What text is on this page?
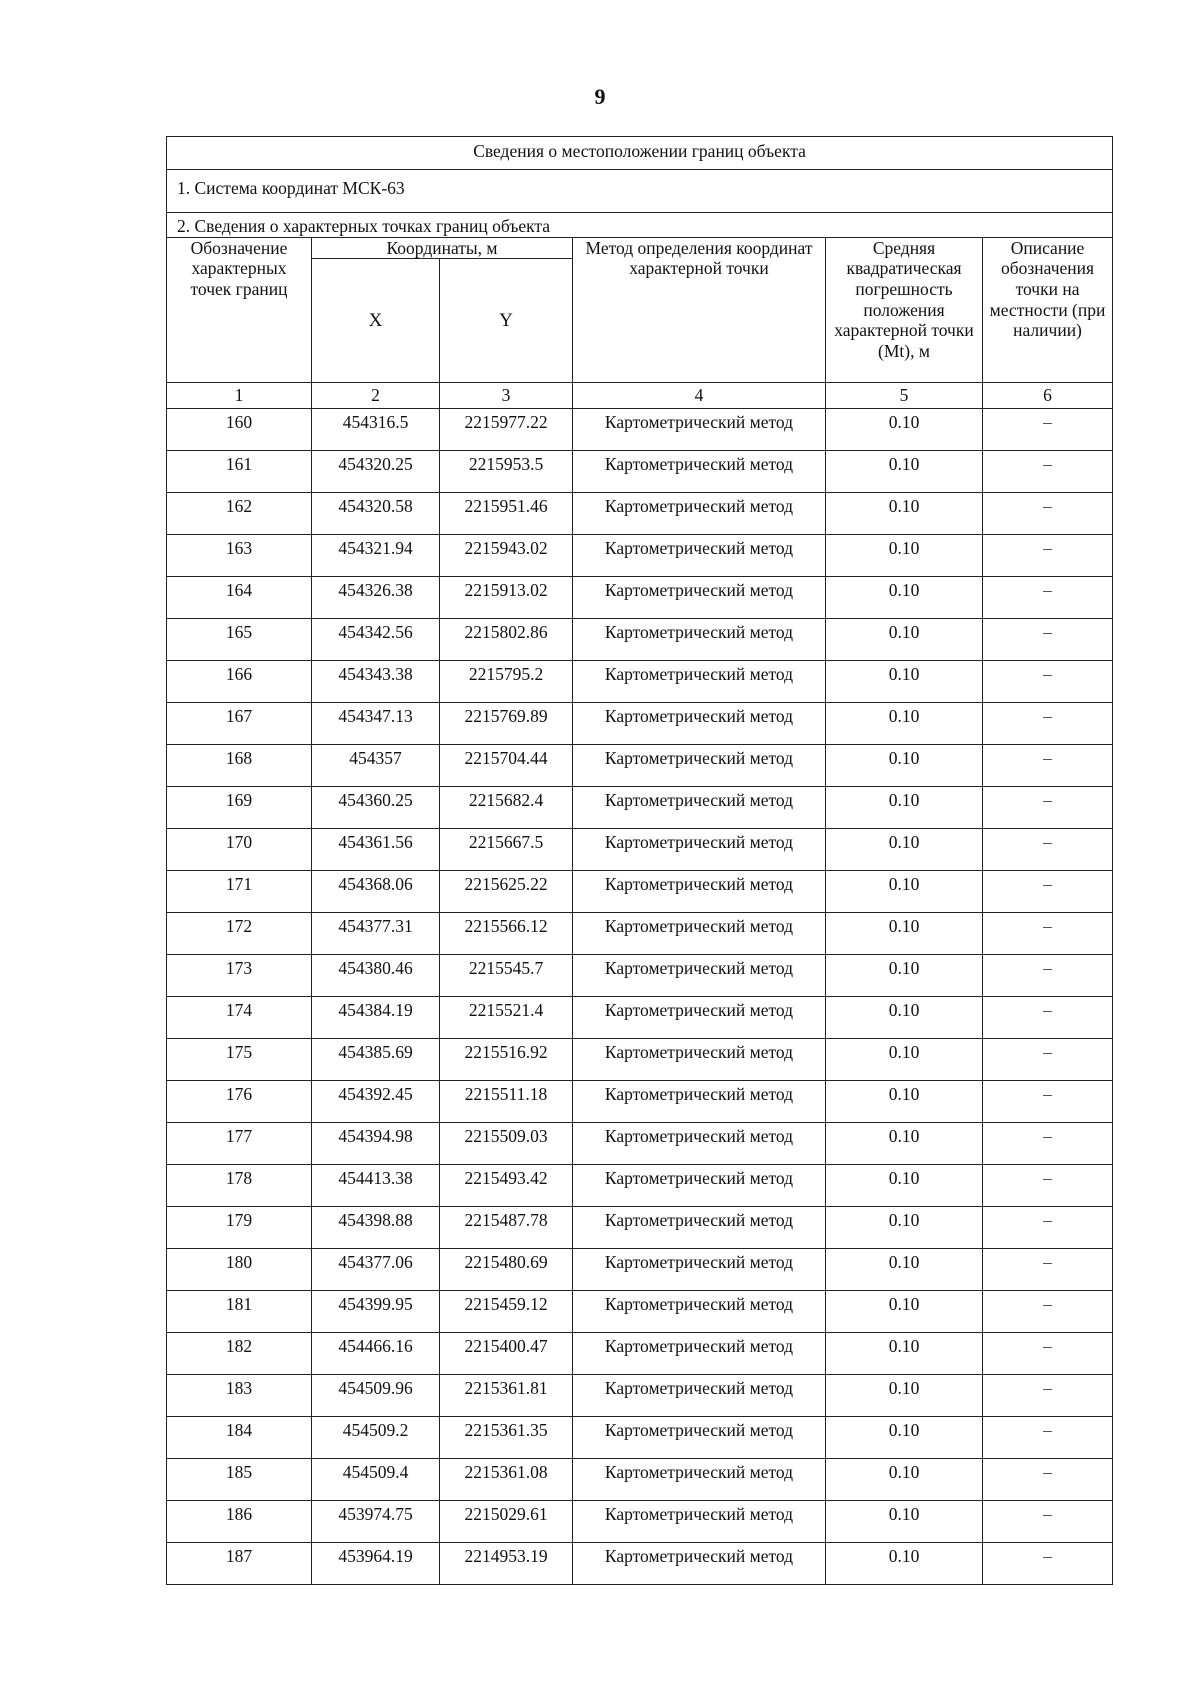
9
Сведения о местоположении границ объекта					
1. Система координат МСК-63					
2. Сведения о характерных точках границ объекта					
Обозначение характерных точек границ	Координаты, м		Метод определения координат характерной точки	Средняя квадратическая погрешность положения характерной точки (Mt), м	Описание обозначения точки на местности (при наличии)
	X	Y			
1	2	3	4	5	6
160	454316.5	2215977.22	Картометрический метод	0.10	–
161	454320.25	2215953.5	Картометрический метод	0.10	–
162	454320.58	2215951.46	Картометрический метод	0.10	–
163	454321.94	2215943.02	Картометрический метод	0.10	–
164	454326.38	2215913.02	Картометрический метод	0.10	–
165	454342.56	2215802.86	Картометрический метод	0.10	–
166	454343.38	2215795.2	Картометрический метод	0.10	–
167	454347.13	2215769.89	Картометрический метод	0.10	–
168	454357	2215704.44	Картометрический метод	0.10	–
169	454360.25	2215682.4	Картометрический метод	0.10	–
170	454361.56	2215667.5	Картометрический метод	0.10	–
171	454368.06	2215625.22	Картометрический метод	0.10	–
172	454377.31	2215566.12	Картометрический метод	0.10	–
173	454380.46	2215545.7	Картометрический метод	0.10	–
174	454384.19	2215521.4	Картометрический метод	0.10	–
175	454385.69	2215516.92	Картометрический метод	0.10	–
176	454392.45	2215511.18	Картометрический метод	0.10	–
177	454394.98	2215509.03	Картометрический метод	0.10	–
178	454413.38	2215493.42	Картометрический метод	0.10	–
179	454398.88	2215487.78	Картометрический метод	0.10	–
180	454377.06	2215480.69	Картометрический метод	0.10	–
181	454399.95	2215459.12	Картометрический метод	0.10	–
182	454466.16	2215400.47	Картометрический метод	0.10	–
183	454509.96	2215361.81	Картометрический метод	0.10	–
184	454509.2	2215361.35	Картометрический метод	0.10	–
185	454509.4	2215361.08	Картометрический метод	0.10	–
186	453974.75	2215029.61	Картометрический метод	0.10	–
187	453964.19	2214953.19	Картометрический метод	0.10	–
